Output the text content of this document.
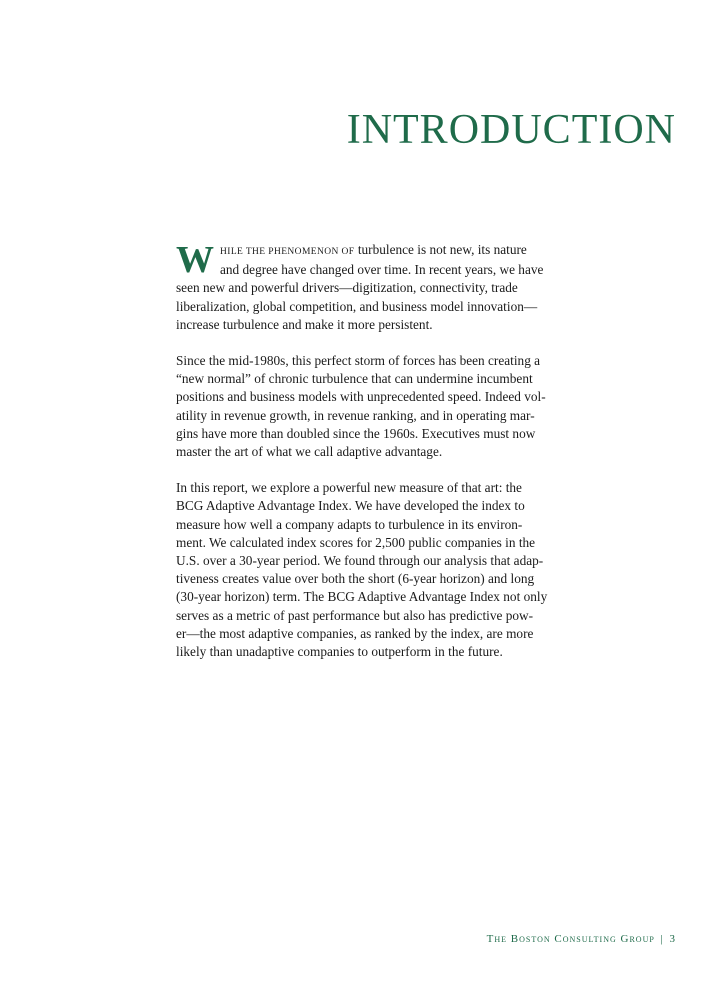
INTRODUCTION
W HILE THE PHENOMENON OF turbulence is not new, its nature
and degree have changed over time. In recent years, we have
seen new and powerful drivers—digitization, connectivity, trade
liberalization, global competition, and business model innovation—
increase turbulence and make it more persistent.
Since the mid-1980s, this perfect storm of forces has been creating a
“new normal” of chronic turbulence that can undermine incumbent
positions and business models with unprecedented speed. Indeed vol-
atility in revenue growth, in revenue ranking, and in operating mar-
gins have more than doubled since the 1960s. Executives must now
master the art of what we call adaptive advantage.
In this report, we explore a powerful new measure of that art: the
BCG Adaptive Advantage Index. We have developed the index to
measure how well a company adapts to turbulence in its environ-
ment. We calculated index scores for 2,500 public companies in the
U.S. over a 30-year period. We found through our analysis that adap-
tiveness creates value over both the short (6-year horizon) and long
(30-year horizon) term. The BCG Adaptive Advantage Index not only
serves as a metric of past performance but also has predictive pow-
er—the most adaptive companies, as ranked by the index, are more
likely than unadaptive companies to outperform in the future.
The Boston Consulting Group | 3
